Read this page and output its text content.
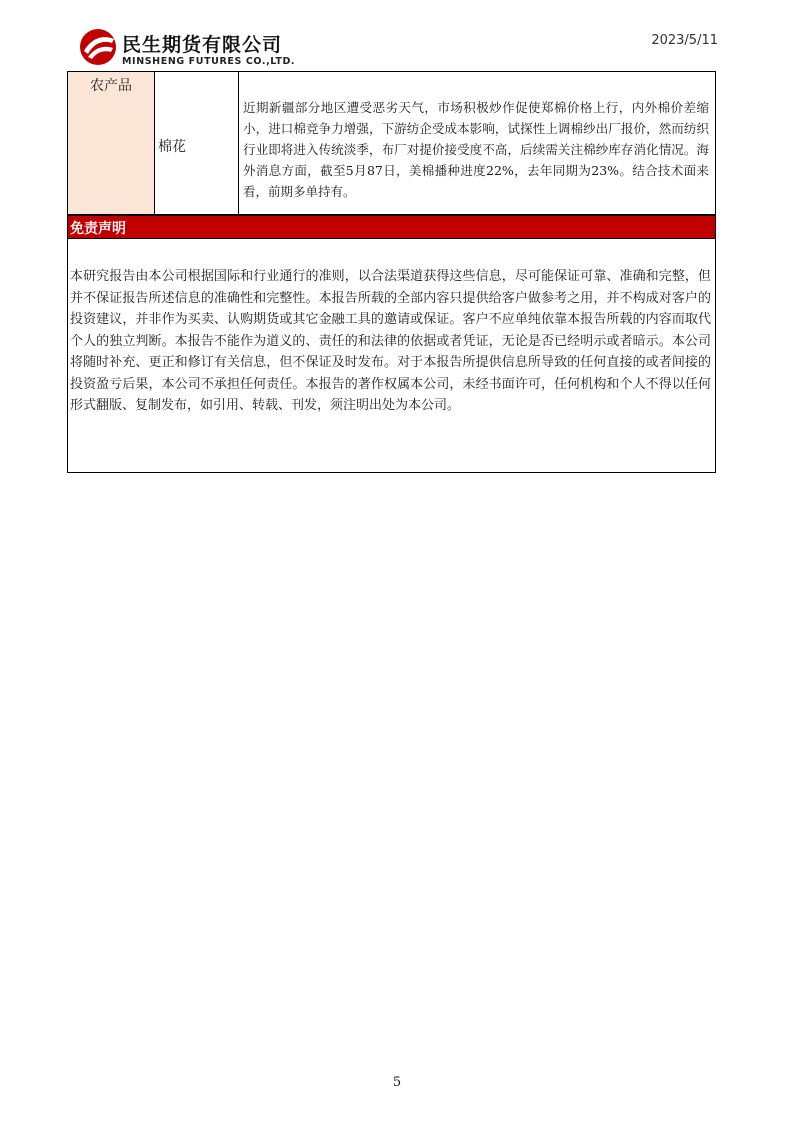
民生期货有限公司
MINSHENG FUTURES CO.,LTD.
2023/5/11
农产品
棉花

近期新疆部分地区遭受恶劣天气，市场积极炒作促使郑棉价格上行，内外棉价差缩小，进口棉竞争力增强，下游纺企受成本影响，试探性上调棉纱出厂报价，然而纺织行业即将进入传统淡季，布厂对提价接受度不高，后续需关注棉纱库存消化情况。海外消息方面，截至5月87日，美棉播种进度22%，去年同期为23%。结合技术面来看，前期多单持有。

免责声明

本研究报告由本公司根据国际和行业通行的准则，以合法渠道获得这些信息，尽可能保证可靠、准确和完整，但并不保证报告所述信息的准确性和完整性。本报告所载的全部内容只提供给客户做参考之用，并不构成对客户的投资建议，并非作为买卖、认购期货或其它金融工具的邀请或保证。客户不应单纯依靠本报告所载的内容而取代个人的独立判断。本报告不能作为道义的、责任的和法律的依据或者凭证，无论是否已经明示或者暗示。本公司将随时补充、更正和修订有关信息，但不保证及时发布。对于本报告所提供信息所导致的任何直接的或者间接的投资盈亏后果，本公司不承担任何责任。本报告的著作权属本公司，未经书面许可，任何机构和个人不得以任何形式翻版、复制发布，如引用、转载、刊发，须注明出处为本公司。

5
